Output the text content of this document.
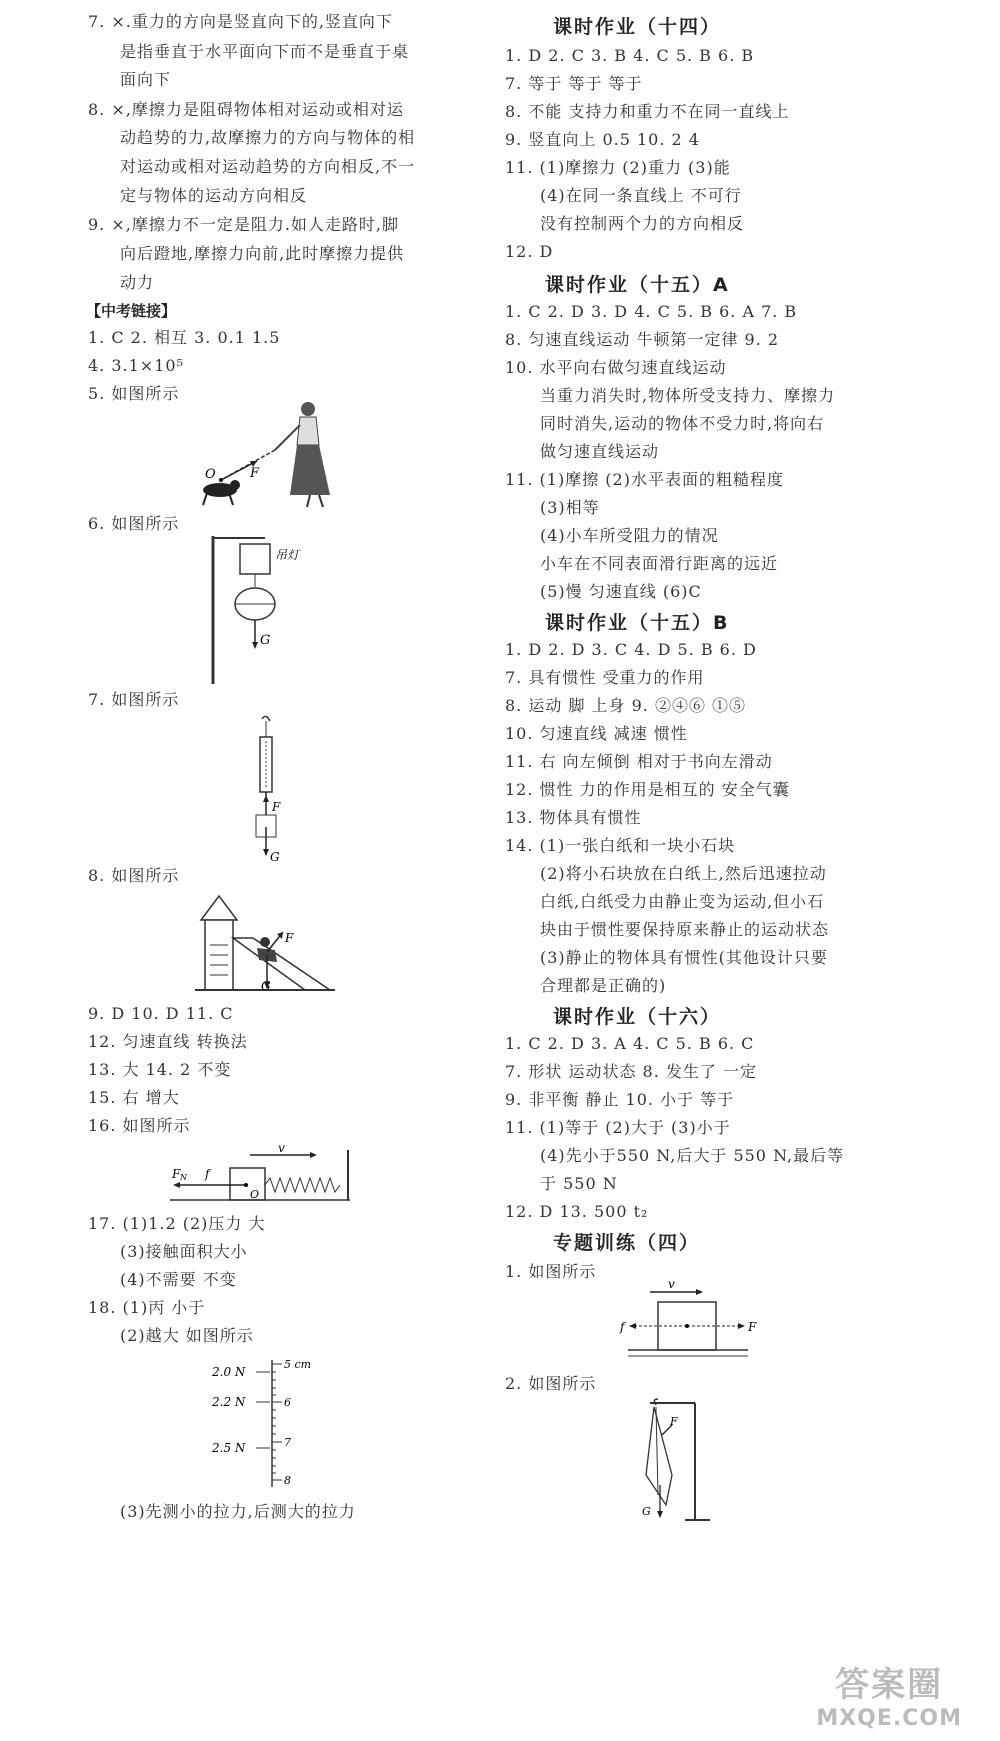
7. ×.重力的方向是竖直向下的,竖直向下
是指垂直于水平面向下而不是垂直于桌
面向下
8. ×,摩擦力是阻碍物体相对运动或相对运
动趋势的力,故摩擦力的方向与物体的相
对运动或相对运动趋势的方向相反,不一
定与物体的运动方向相反
9. ×,摩擦力不一定是阻力.如人走路时,脚
向后蹬地,摩擦力向前,此时摩擦力提供
动力
【中考链接】
1. C 2. 相互 3. 0.1 1.5
4. 3.1×10⁵
5. 如图所示
O	F
6. 如图所示
吊灯
G
7. 如图所示
F
G
8. 如图所示
F
G
9. D 10. D 11. C
12. 匀速直线 转换法
13. 大 14. 2 不变
15. 右 增大
16. 如图所示
v
F N f
O
17. (1)1.2 (2)压力 大
(3)接触面积大小
(4)不需要 不变
18. (1)丙 小于
(2)越大 如图所示
2.0 N
2.2 N
2.5 N
5 cm
6
7
8
(3)先测小的拉力,后测大的拉力
课时作业（十四）
1. D 2. C 3. B 4. C 5. B 6. B
7. 等于 等于 等于
8. 不能 支持力和重力不在同一直线上
9. 竖直向上 0.5 10. 2 4
11. (1)摩擦力 (2)重力 (3)能
(4)在同一条直线上 不可行
没有控制两个力的方向相反
12. D
课时作业（十五）A
1. C 2. D 3. D 4. C 5. B 6. A 7. B
8. 匀速直线运动 牛顿第一定律 9. 2
10. 水平向右做匀速直线运动
当重力消失时,物体所受支持力、摩擦力
同时消失,运动的物体不受力时,将向右
做匀速直线运动
11. (1)摩擦 (2)水平表面的粗糙程度
(3)相等
(4)小车所受阻力的情况
小车在不同表面滑行距离的远近
(5)慢 匀速直线 (6)C
课时作业（十五）B
1. D 2. D 3. C 4. D 5. B 6. D
7. 具有惯性 受重力的作用
8. 运动 脚 上身 9. ②④⑥ ①⑤
10. 匀速直线 减速 惯性
11. 右 向左倾倒 相对于书向左滑动
12. 惯性 力的作用是相互的 安全气囊
13. 物体具有惯性
14. (1)一张白纸和一块小石块
(2)将小石块放在白纸上,然后迅速拉动
白纸,白纸受力由静止变为运动,但小石
块由于惯性要保持原来静止的运动状态
(3)静止的物体具有惯性(其他设计只要
合理都是正确的)
课时作业（十六）
1. C 2. D 3. A 4. C 5. B 6. C
7. 形状 运动状态 8. 发生了 一定
9. 非平衡 静止 10. 小于 等于
11. (1)等于 (2)大于 (3)小于
(4)先小于550 N,后大于 550 N,最后等
于 550 N
12. D 13. 500 t₂
专题训练（四）
1. 如图所示
v
f	F
2. 如图所示
F
G
答案圈
MXQE.COM
